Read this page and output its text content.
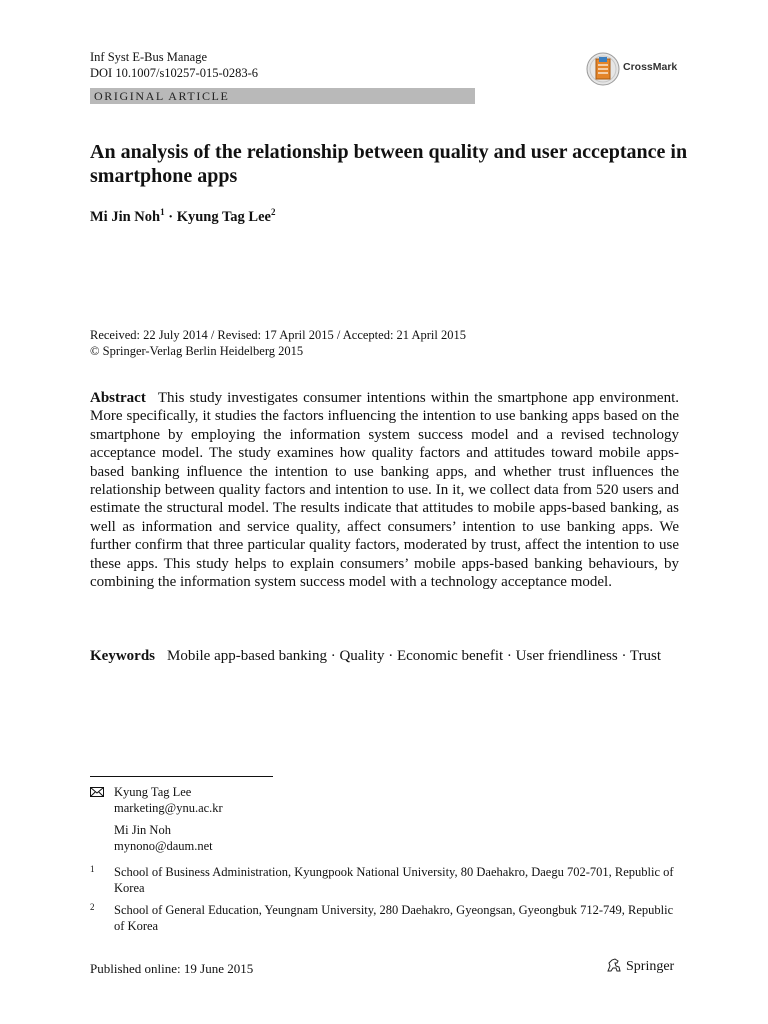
Inf Syst E-Bus Manage
DOI 10.1007/s10257-015-0283-6	CrossMark
ORIGINAL ARTICLE
An analysis of the relationship between quality and user acceptance in smartphone apps
Mi Jin Noh$^1$ · Kyung Tag Lee$^2$
Received: 22 July 2014 / Revised: 17 April 2015 / Accepted: 21 April 2015
© Springer-Verlag Berlin Heidelberg 2015

Abstract This study investigates consumer intentions within the smartphone app environment. More specifically, it studies the factors influencing the intention to use banking apps based on the smartphone by employing the information system success model and a revised technology acceptance model. The study examines how quality factors and attitudes toward mobile apps-based banking influence the intention to use banking apps, and whether trust influences the relationship between quality factors and intention to use. In it, we collect data from 520 users and estimate the structural model. The results indicate that attitudes to mobile apps-based banking, as well as information and service quality, affect consumers’ intention to use banking apps. We further confirm that three particular quality factors, moderated by trust, affect the intention to use these apps. This study helps to explain consumers’ mobile apps-based banking behaviours, by combining the information system success model with a technology acceptance model.

Keywords Mobile app-based banking · Quality · Economic benefit · User friendliness · Trust
Kyung Tag Lee
marketing@ynu.ac.kr
Mi Jin Noh
mynono@daum.net
1 School of Business Administration, Kyungpook National University, 80 Daehakro, Daegu 702-701, Republic of Korea
2 School of General Education, Yeungnam University, 280 Daehakro, Gyeongsan, Gyeongbuk 712-749, Republic of Korea
Published online: 19 June 2015	Springer
